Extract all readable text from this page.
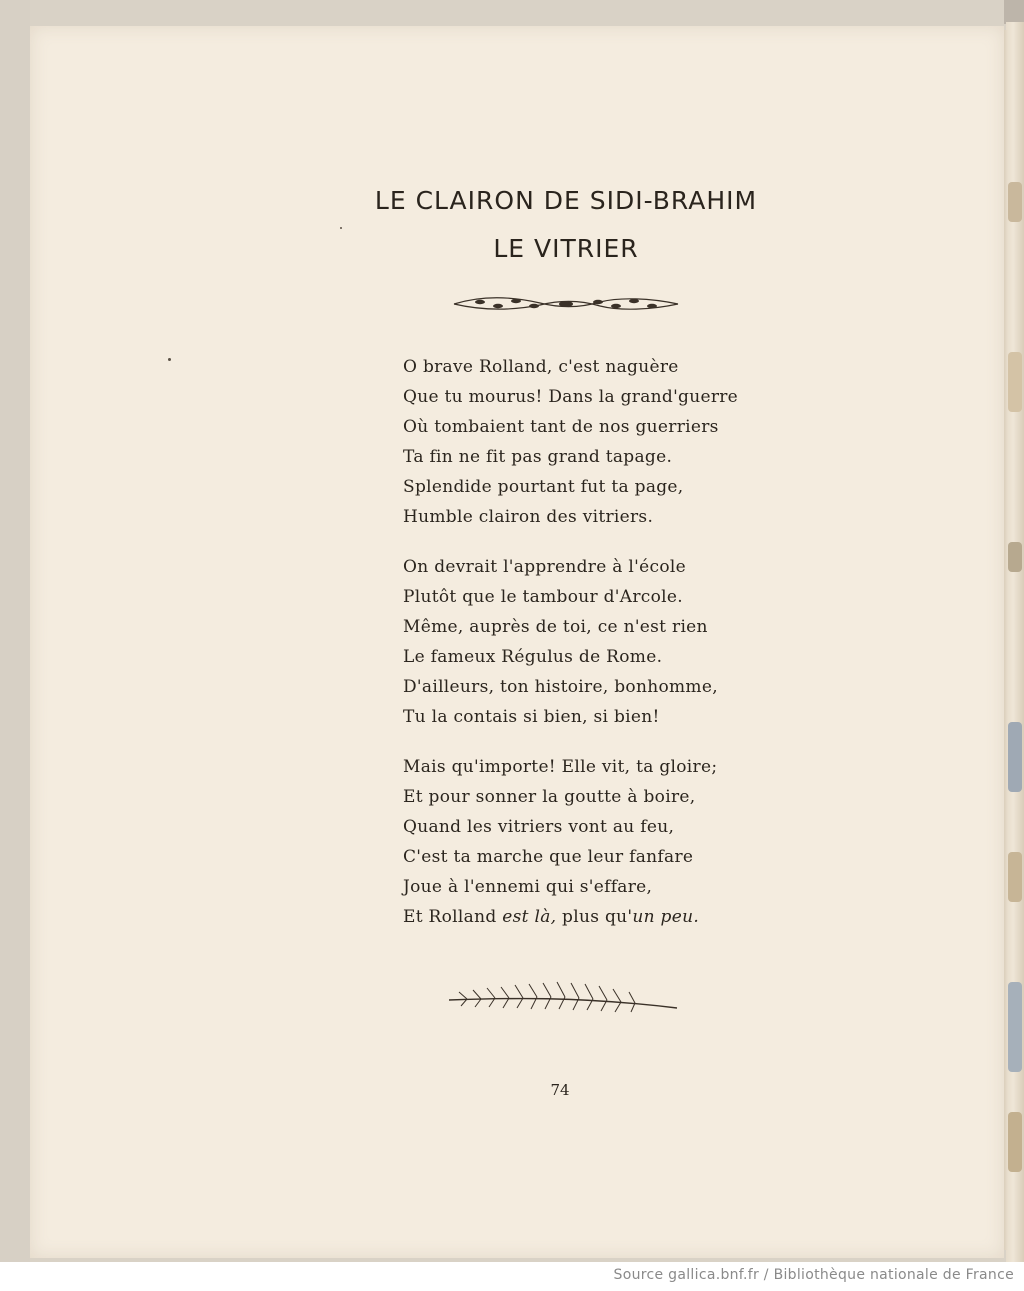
LE CLAIRON DE SIDI-BRAHIM
LE VITRIER
O brave Rolland, c'est naguère
Que tu mourus! Dans la grand'guerre
Où tombaient tant de nos guerriers
Ta fin ne fit pas grand tapage.
Splendide pourtant fut ta page,
Humble clairon des vitriers.
On devrait l'apprendre à l'école
Plutôt que le tambour d'Arcole.
Même, auprès de toi, ce n'est rien
Le fameux Régulus de Rome.
D'ailleurs, ton histoire, bonhomme,
Tu la contais si bien, si bien!
Mais qu'importe! Elle vit, ta gloire;
Et pour sonner la goutte à boire,
Quand les vitriers vont au feu,
C'est ta marche que leur fanfare
Joue à l'ennemi qui s'effare,
Et Rolland est là, plus qu'un peu.
74
Source gallica.bnf.fr / Bibliothèque nationale de France
